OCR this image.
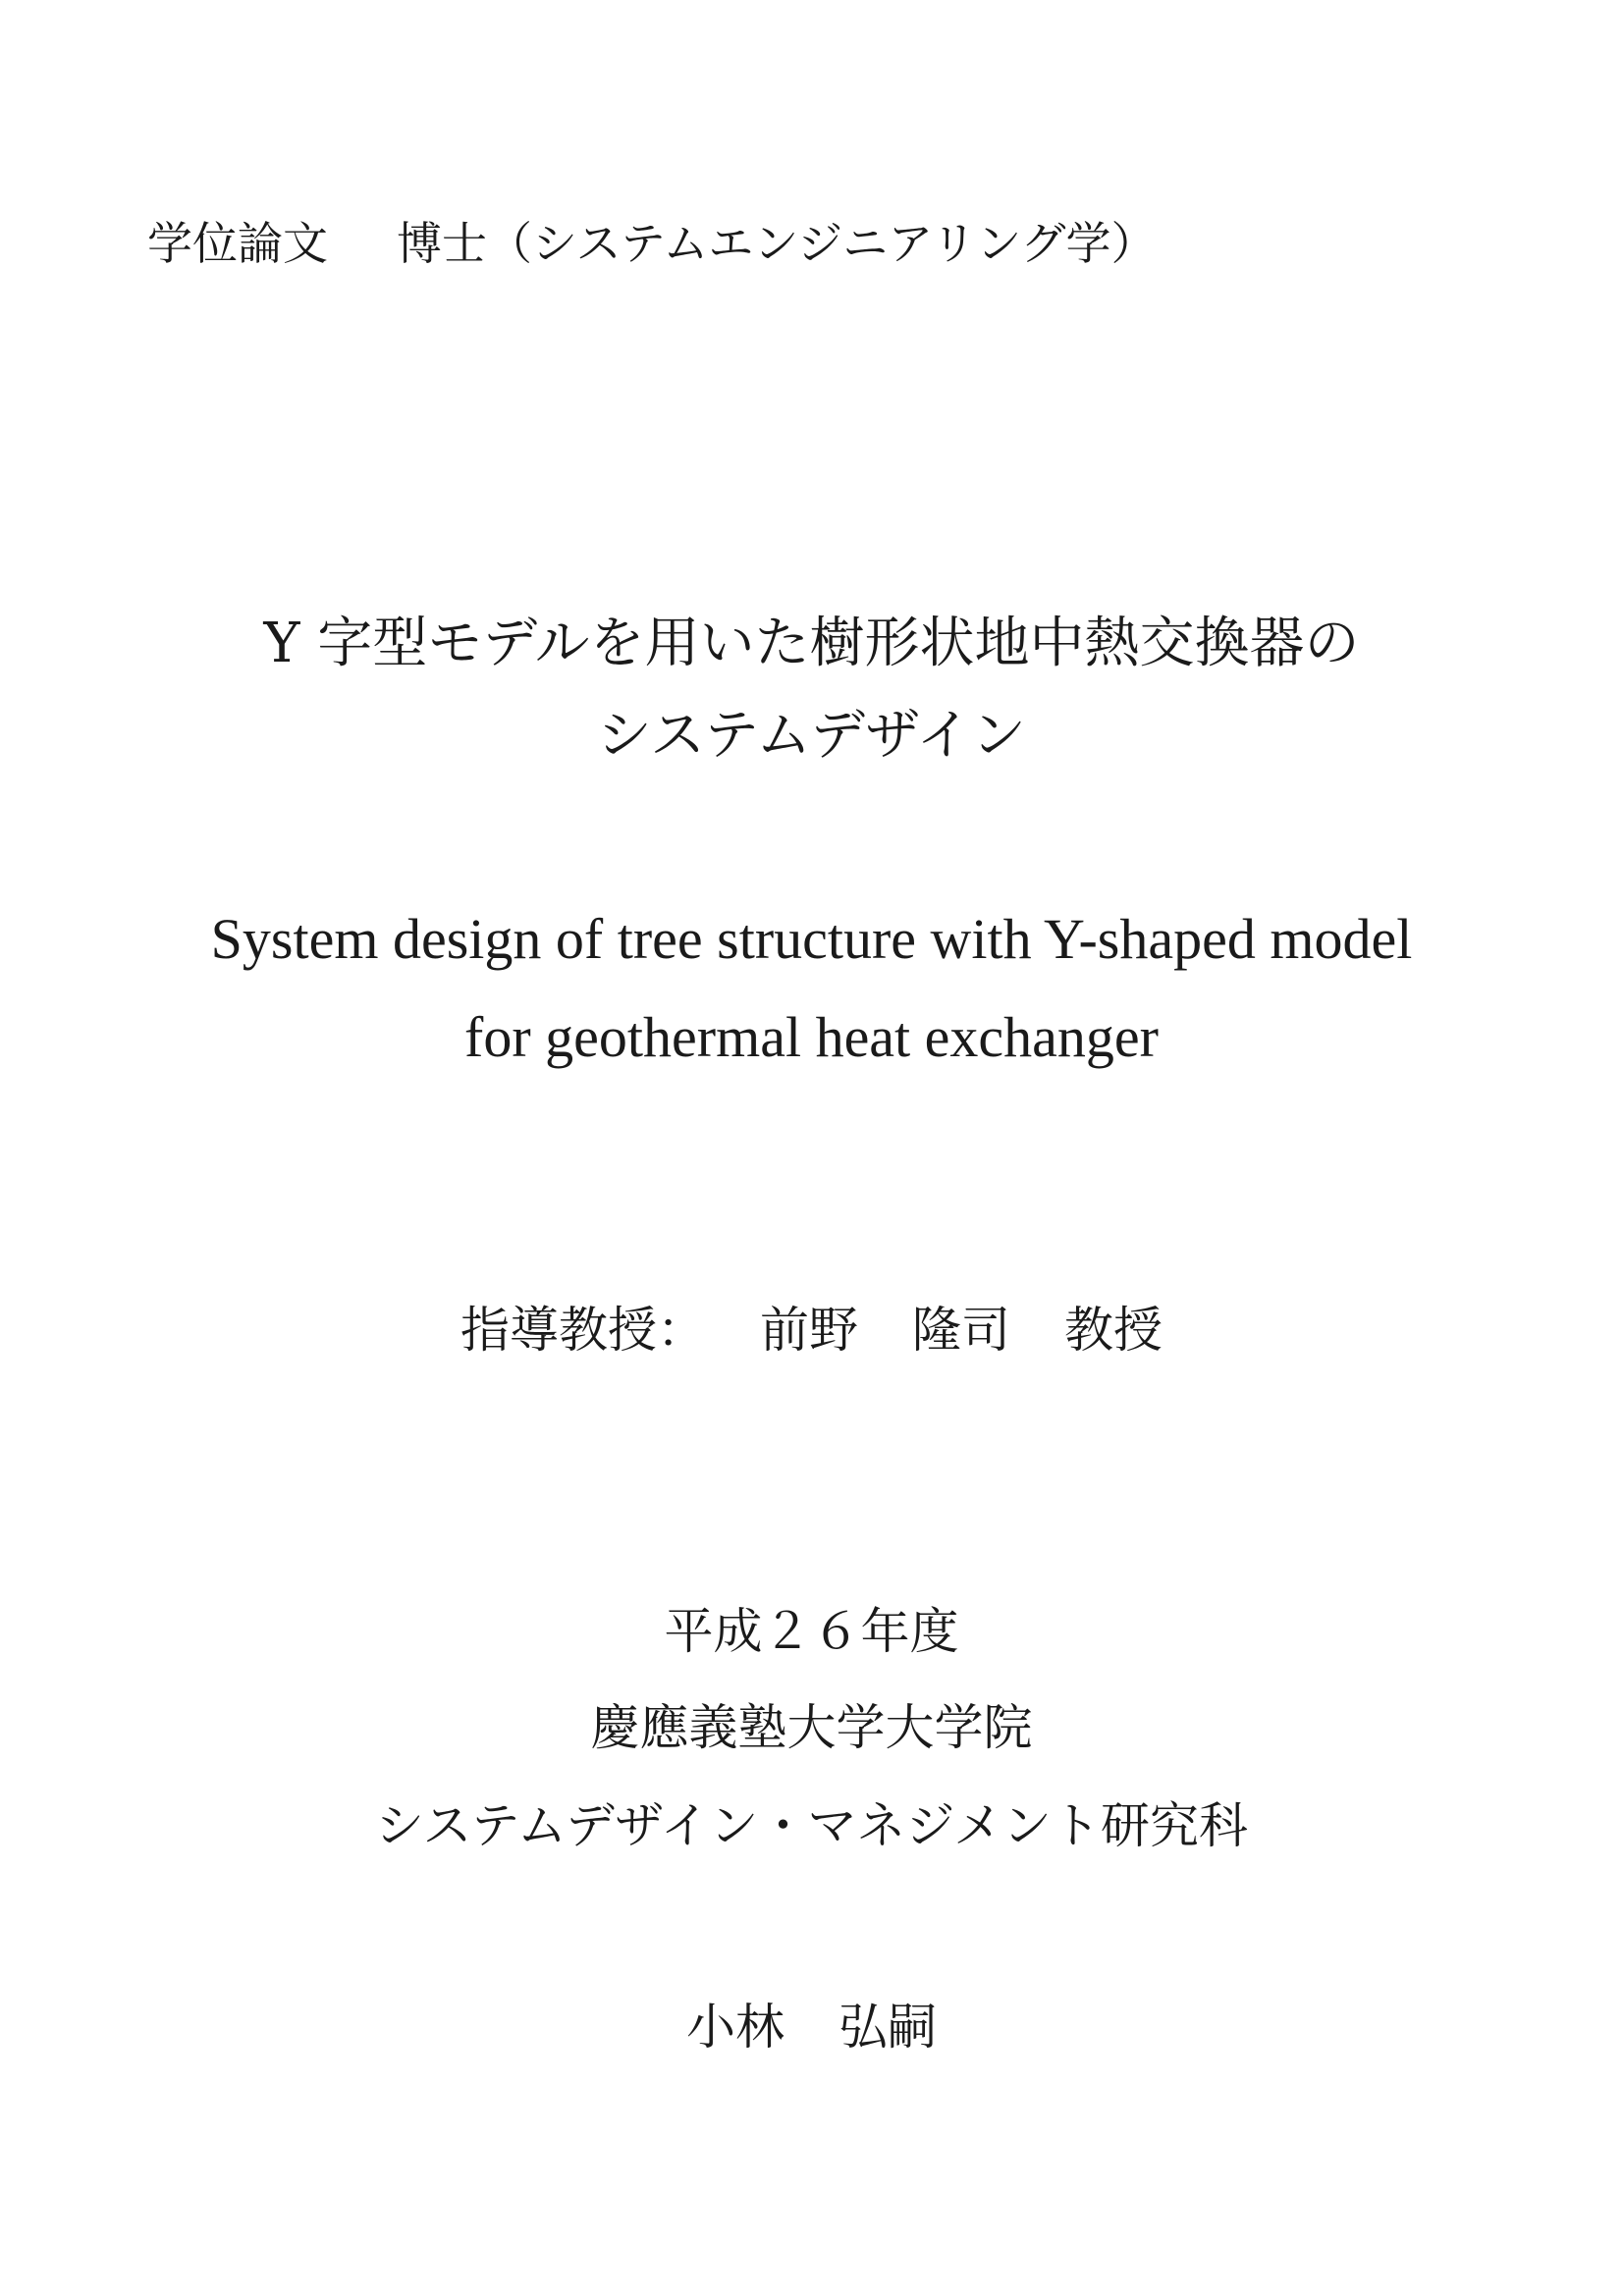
学位論文 博士（システムエンジニアリング学）
Y 字型モデルを用いた樹形状地中熱交換器の
システムデザイン
System design of tree structure with Y-shaped model
for geothermal heat exchanger
指導教授： 前野 隆司 教授
平成２６年度
慶應義塾大学大学院
システムデザイン・マネジメント研究科
小林 弘嗣
